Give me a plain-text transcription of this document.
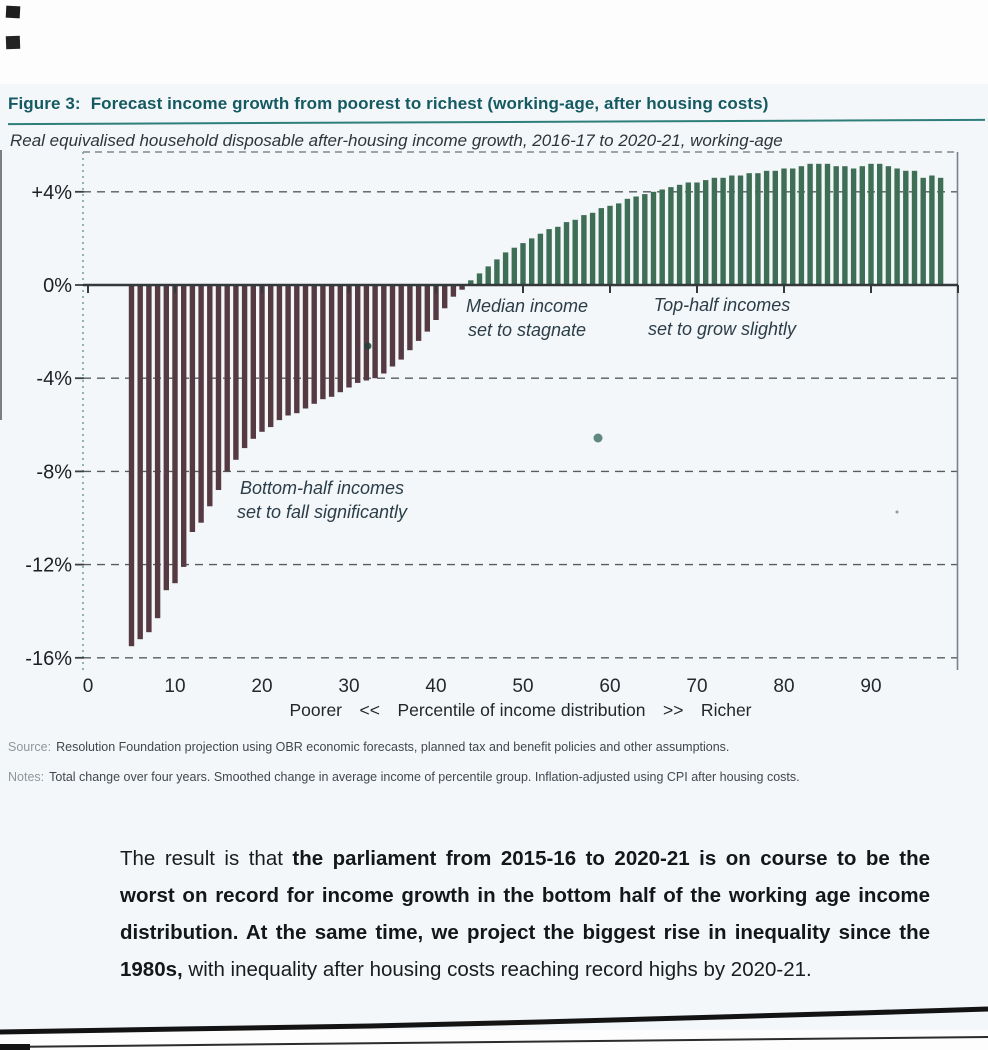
Figure 3: Forecast income growth from poorest to richest (working-age, after housing costs)
Real equivalised household disposable after-housing income growth, 2016-17 to 2020-21, working-age
+4%
0%
-4%
-8%
-12%
-16%
0	10	20	30	40	50	60	70	80	90
Poorer << Percentile of income distribution >> Richer
Bottom-half incomes
set to fall significantly
Median income
set to stagnate
Top-half incomes
set to grow slightly
Source: Resolution Foundation projection using OBR economic forecasts, planned tax and benefit policies and other assumptions.
Notes: Total change over four years. Smoothed change in average income of percentile group. Inflation-adjusted using CPI after housing costs.
The result is that the parliament from 2015-16 to 2020-21 is on course to be the worst on record for income growth in the bottom half of the working age income distribution. At the same time, we project the biggest rise in inequality since the 1980s, with inequality after housing costs reaching record highs by 2020-21.
